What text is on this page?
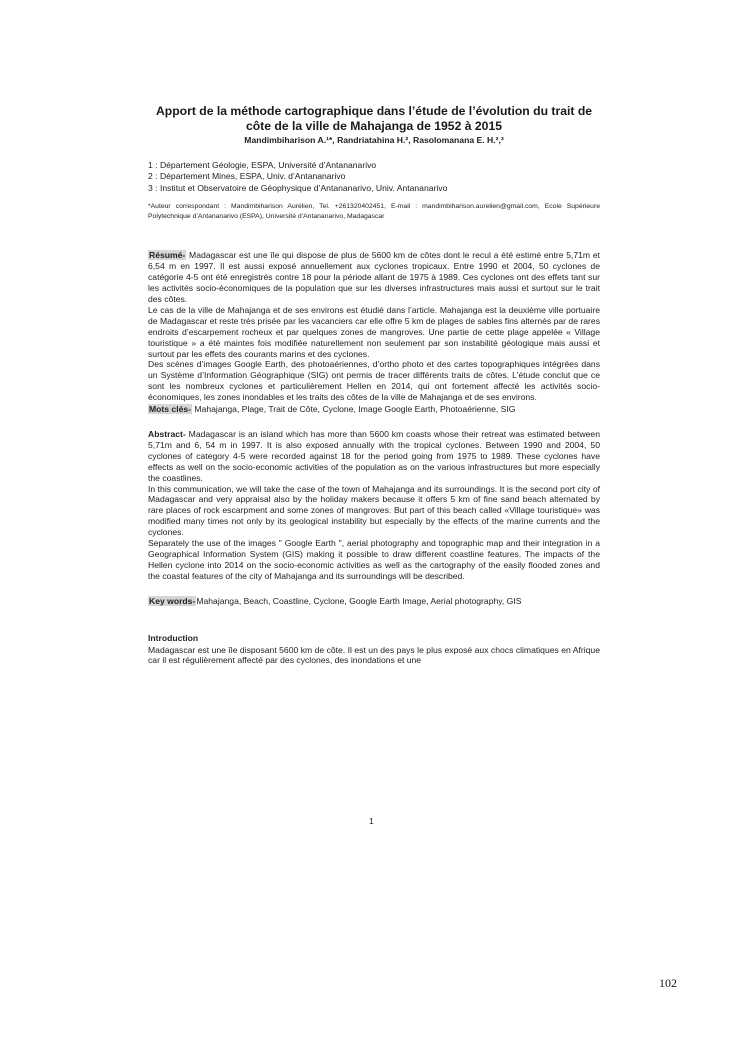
Apport de la méthode cartographique dans l’étude de l’évolution du trait de côte de la ville de Mahajanga de 1952 à 2015
Mandimbiharison A.¹*, Randriatahina H.², Rasolomanana E. H.²,³
1 : Département Géologie, ESPA, Université d’Antananarivo
2 : Département Mines, ESPA, Univ. d’Antananarivo
3 : Institut et Observatoire de Géophysique d’Antananarivo, Univ. Antananarivo
*Auteur correspondant : Mandimbiharison Aurélien, Tel. +261320402451, E-mail : mandimbiharison.aurelien@gmail.com, Ecole Supérieure Polytechnique d’Antananarivo (ESPA), Université d’Antananarivo, Madagascar

Résumé- Madagascar est une île qui dispose de plus de 5600 km de côtes dont le recul a été estimé entre 5,71m et 6,54 m en 1997. Il est aussi exposé annuellement aux cyclones tropicaux. Entre 1990 et 2004, 50 cyclones de catégorie 4-5 ont été enregistrés contre 18 pour la période allant de 1975 à 1989. Ces cyclones ont des effets tant sur les activités socio-économiques de la population que sur les diverses infrastructures mais aussi et surtout sur le trait des côtes.

Le cas de la ville de Mahajanga et de ses environs est étudié dans l’article. Mahajanga est la deuxième ville portuaire de Madagascar et reste très prisée par les vacanciers car elle offre 5 km de plages de sables fins alternés par de rares endroits d’escarpement rocheux et par quelques zones de mangroves. Une partie de cette plage appelée « Village touristique » a été maintes fois modifiée naturellement non seulement par son instabilité géologique mais aussi et surtout par les effets des courants marins et des cyclones.

Des scènes d’images Google Earth, des photoaériennes, d’ortho photo et des cartes topographiques intégrées dans un Système d’Information Géographique (SIG) ont permis de tracer différents traits de côtes. L’étude conclut que ce sont les nombreux cyclones et particulièrement Hellen en 2014, qui ont fortement affecté les activités socio-économiques, les zones inondables et les traits des côtes de la ville de Mahajanga et de ses environs.

Mots clés- Mahajanga, Plage, Trait de Côte, Cyclone, Image Google Earth, Photoaérienne, SIG

Abstract- Madagascar is an island which has more than 5600 km coasts whose their retreat was estimated between 5,71m and 6, 54 m in 1997. It is also exposed annually with the tropical cyclones. Between 1990 and 2004, 50 cyclones of category 4-5 were recorded against 18 for the period going from 1975 to 1989. These cyclones have effects as well on the socio-economic activities of the population as on the various infrastructures but more especially the coastlines.

In this communication, we will take the case of the town of Mahajanga and its surroundings. It is the second port city of Madagascar and very appraisal also by the holiday makers because it offers 5 km of fine sand beach alternated by rare places of rock escarpment and some zones of mangroves. But part of this beach called «Village touristique» was modified many times not only by its geological instability but especially by the effects of the marine currents and the cyclones.

Separately the use of the images " Google Earth ", aerial photography and topographic map and their integration in a Geographical Information System (GIS) making it possible to draw different coastline features. The impacts of the Hellen cyclone into 2014 on the socio-economic activities as well as the cartography of the easily flooded zones and the coastal features of the city of Mahajanga and its surroundings will be described.

Key words-Mahajanga, Beach, Coastline, Cyclone, Google Earth Image, Aerial photography, GIS
Introduction
Madagascar est une île disposant 5600 km de côte. Il est un des pays le plus exposé aux chocs climatiques en Afrique car il est régulièrement affecté par des cyclones, des inondations et une
1
102
